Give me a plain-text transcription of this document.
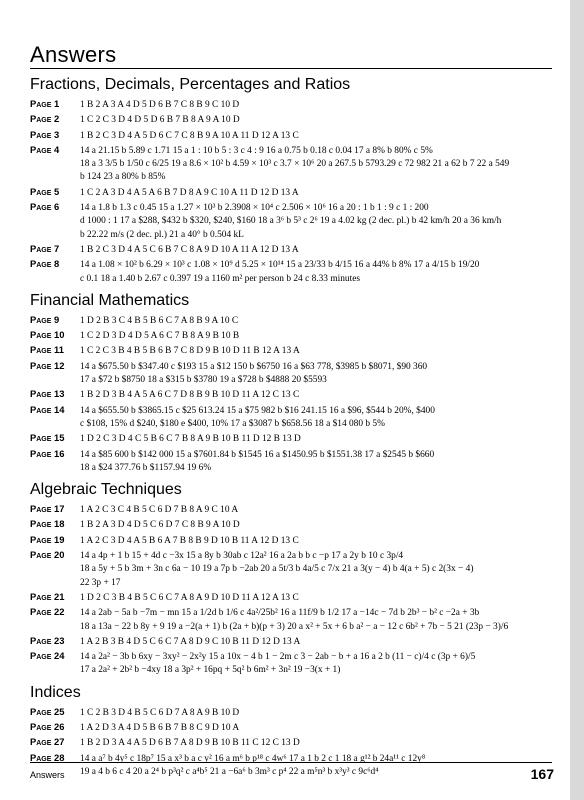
Answers
Fractions, Decimals, Percentages and Ratios
Page 1 1 B 2 A 3 A 4 D 5 D 6 B 7 C 8 B 9 C 10 D
Page 2 1 C 2 C 3 D 4 D 5 D 6 B 7 B 8 A 9 A 10 D
Page 3 1 B 2 C 3 D 4 A 5 D 6 C 7 C 8 B 9 A 10 A 11 D 12 A 13 C
Page 4 14 a 21.15 b 5.89 c 1.71 15 a 1 : 10 b 5 : 3 c 4 : 9 16 a 0.75 b 0.18 c 0.04 17 a 8% b 80% c 5%
18 a 3 3/5 b 1/50 c 6/25 19 a 8.6 × 10² b 4.59 × 10³ c 3.7 × 10⁶ 20 a 267.5 b 5793.29 c 72 982 21 a 62 b 7 22 a 549
b 124 23 a 80% b 85%
Page 5 1 C 2 A 3 D 4 A 5 A 6 B 7 D 8 A 9 C 10 A 11 D 12 D 13 A
Page 6 14 a 1.8 b 1.3 c 0.45 15 a 1.27 × 10³ b 2.3908 × 10⁴ c 2.506 × 10⁶ 16 a 20 : 1 b 1 : 9 c 1 : 200
d 1000 : 1 17 a $288, $432 b $320, $240, $160 18 a 3⁶ b 5³ c 2⁶ 19 a 4.02 kg (2 dec. pl.) b 42 km/h 20 a 36 km/h
b 22.22 m/s (2 dec. pl.) 21 a 40° b 0.504 kL
Page 7 1 B 2 C 3 D 4 A 5 C 6 B 7 C 8 A 9 D 10 A 11 A 12 D 13 A
Page 8 14 a 1.08 × 10² b 6.29 × 10³ c 1.08 × 10⁹ d 5.25 × 10¹⁴ 15 a 23/33 b 4/15 16 a 44% b 8% 17 a 4/15 b 19/20
c 0.1 18 a 1.40 b 2.67 c 0.397 19 a 1160 m² per person b 24 c 8.33 minutes
Financial Mathematics
Page 9 1 D 2 B 3 C 4 B 5 B 6 C 7 A 8 B 9 A 10 C
Page 10 1 C 2 D 3 D 4 D 5 A 6 C 7 B 8 A 9 B 10 B
Page 11 1 C 2 C 3 B 4 B 5 B 6 B 7 C 8 D 9 B 10 D 11 B 12 A 13 A
Page 12 14 a $675.50 b $347.40 c $193 15 a $12 150 b $6750 16 a $63 778, $3985 b $8071, $90 360
17 a $72 b $8750 18 a $315 b $3780 19 a $728 b $4888 20 $5593
Page 13 1 B 2 D 3 B 4 A 5 A 6 C 7 D 8 B 9 B 10 D 11 A 12 C 13 C
Page 14 14 a $655.50 b $3865.15 c $25 613.24 15 a $75 982 b $16 241.15 16 a $96, $544 b 20%, $400
c $108, 15% d $240, $180 e $400, 10% 17 a $3087 b $658.56 18 a $14 080 b 5%
Page 15 1 D 2 C 3 D 4 C 5 B 6 C 7 B 8 A 9 B 10 B 11 D 12 B 13 D
Page 16 14 a $85 600 b $142 000 15 a $7601.84 b $1545 16 a $1450.95 b $1551.38 17 a $2545 b $660
18 a $24 377.76 b $1157.94 19 6%
Algebraic Techniques
Page 17 1 A 2 C 3 C 4 B 5 C 6 D 7 B 8 A 9 C 10 A
Page 18 1 B 2 A 3 D 4 D 5 C 6 D 7 C 8 B 9 A 10 D
Page 19 1 A 2 C 3 D 4 A 5 B 6 A 7 B 8 B 9 D 10 B 11 A 12 D 13 C
Page 20 14 a 4p + 1 b 15 + 4d c −3x 15 a 8y b 30ab c 12a² 16 a 2a b b c −p 17 a 2y b 10 c 3p/4
18 a 5y + 5 b 3m + 3n c 6a − 10 19 a 7p b −2ab 20 a 5t/3 b 4a/5 c 7/x 21 a 3(y − 4) b 4(a + 5) c 2(3x − 4)
22 3p + 17
Page 21 1 D 2 C 3 B 4 B 5 C 6 C 7 A 8 A 9 D 10 D 11 A 12 A 13 C
Page 22 14 a 2ab − 5a b −7m − mn 15 a 1/2d b 1/6 c 4a²/25b² 16 a 11f/9 b 1/2 17 a −14c − 7d b 2b³ − b² c −2a + 3b
18 a 13a − 22 b 8y + 9 19 a −2(a + 1) b (2a + b)(p + 3) 20 a x² + 5x + 6 b a² − a − 12 c 6b² + 7b − 5 21 (23p − 3)/6
Page 23 1 A 2 B 3 B 4 D 5 C 6 C 7 A 8 D 9 C 10 B 11 D 12 D 13 A
Page 24 14 a 2a² − 3b b 6xy − 3xy² − 2x²y 15 a 10x − 4 b 1 − 2m c 3 − 2ab − b + a 16 a 2 b (11 − c)/4 c (3p + 6)/5
17 a 2a² + 2b² b −4xy 18 a 3p² + 16pq + 5q² b 6m² + 3n² 19 −3(x + 1)
Indices
Page 25 1 C 2 B 3 D 4 B 5 C 6 D 7 A 8 A 9 B 10 D
Page 26 1 A 2 D 3 A 4 D 5 B 6 B 7 B 8 C 9 D 10 A
Page 27 1 B 2 D 3 A 4 A 5 D 6 B 7 A 8 D 9 B 10 B 11 C 12 C 13 D
Page 28 14 a a⁷ b 4y⁵ c 18p⁷ 15 a x³ b a c y² 16 a m⁶ b p¹⁸ c 4w⁶ 17 a 1 b 2 c 1 18 a g¹² b 24a¹¹ c 12y⁸
19 a 4 b 6 c 4 20 a 2⁴ b p³q² c a⁴b⁵ 21 a −6a⁶ b 3m³ c p⁴ 22 a m⁵n³ b x³y³ c 9c⁶d⁴
Answers	167
